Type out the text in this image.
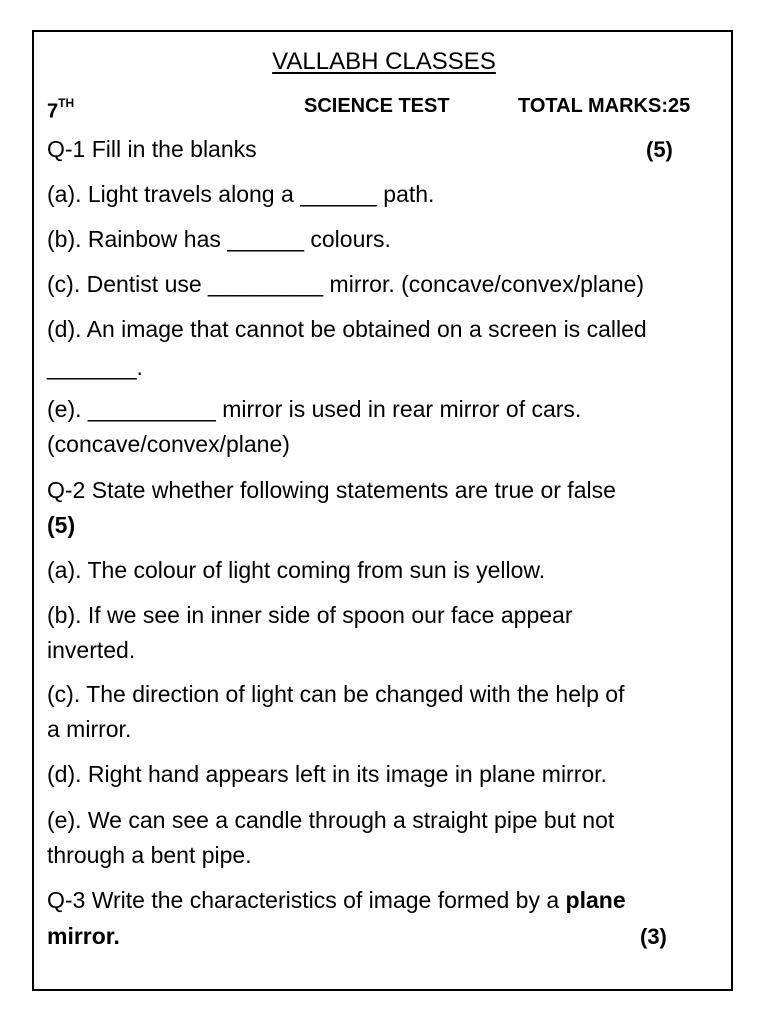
VALLABH CLASSES
7TH	SCIENCE TEST	TOTAL MARKS:25
Q-1 Fill in the blanks	(5)
(a). Light travels along a ______ path.
(b). Rainbow has ______ colours.
(c). Dentist use _________ mirror. (concave/convex/plane)
(d). An image that cannot be obtained on a screen is called
_______.
(e). __________ mirror is used in rear mirror of cars.
(concave/convex/plane)
Q-2 State whether following statements are true or false
(5)
(a). The colour of light coming from sun is yellow.
(b). If we see in inner side of spoon our face appear
inverted.
(c). The direction of light can be changed with the help of
a mirror.
(d). Right hand appears left in its image in plane mirror.
(e). We can see a candle through a straight pipe but not
through a bent pipe.
Q-3 Write the characteristics of image formed by a plane
mirror.	(3)
